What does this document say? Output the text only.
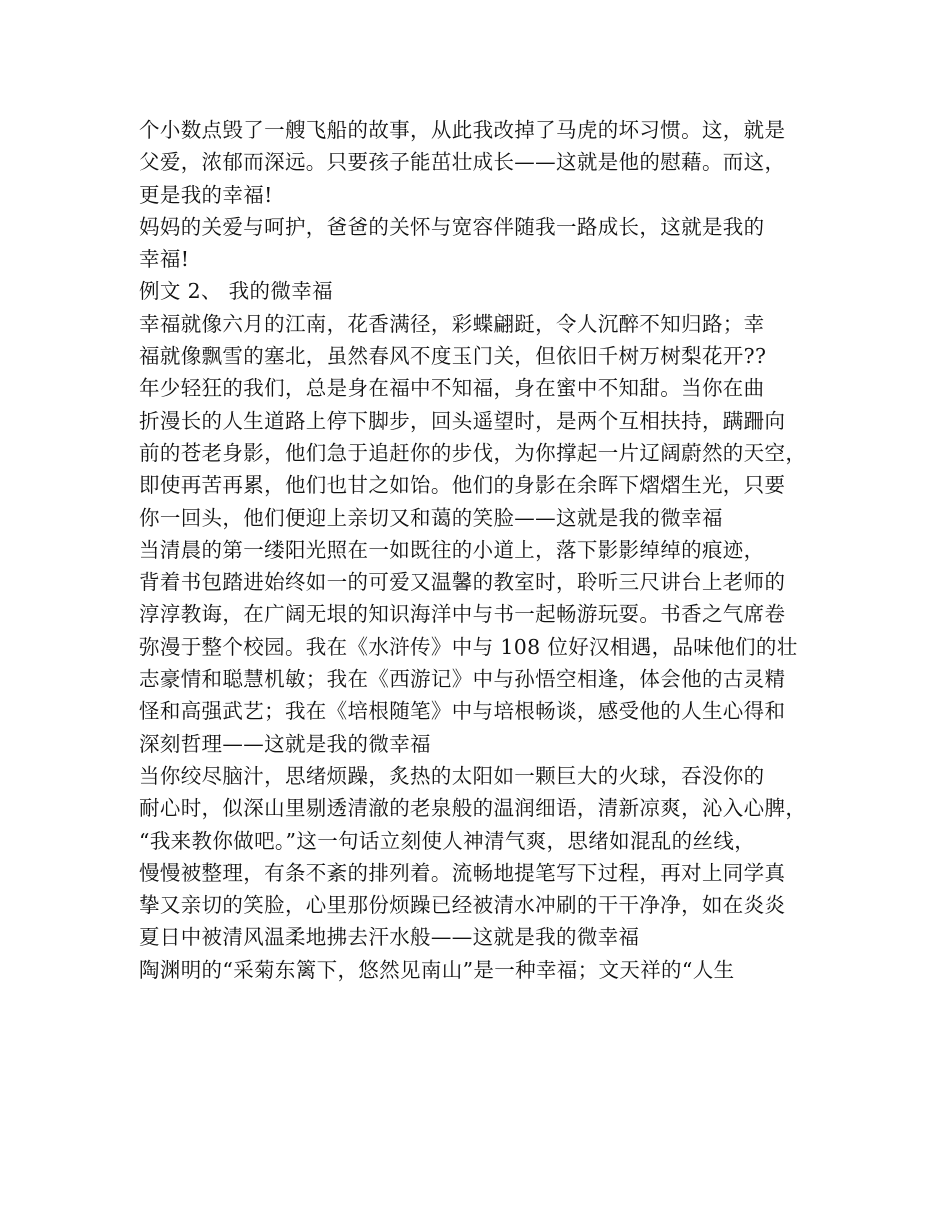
个小数点毁了一艘飞船的故事，从此我改掉了马虎的坏习惯。这，就是
父爱，浓郁而深远。只要孩子能茁壮成长——这就是他的慰藉。而这，
更是我的幸福!
妈妈的关爱与呵护，爸爸的关怀与宽容伴随我一路成长，这就是我的
幸福!
例文 2、 我的微幸福
幸福就像六月的江南，花香满径，彩蝶翩跹，令人沉醉不知归路；幸
福就像飘雪的塞北，虽然春风不度玉门关，但依旧千树万树梨花开??
年少轻狂的我们，总是身在福中不知福，身在蜜中不知甜。当你在曲
折漫长的人生道路上停下脚步，回头遥望时，是两个互相扶持，蹒跚向
前的苍老身影，他们急于追赶你的步伐，为你撑起一片辽阔蔚然的天空，
即使再苦再累，他们也甘之如饴。他们的身影在余晖下熠熠生光，只要
你一回头，他们便迎上亲切又和蔼的笑脸——这就是我的微幸福
当清晨的第一缕阳光照在一如既往的小道上，落下影影绰绰的痕迹，
背着书包踏进始终如一的可爱又温馨的教室时，聆听三尺讲台上老师的
淳淳教诲，在广阔无垠的知识海洋中与书一起畅游玩耍。书香之气席卷
弥漫于整个校园。我在《水浒传》中与 108 位好汉相遇，品味他们的壮
志豪情和聪慧机敏；我在《西游记》中与孙悟空相逢，体会他的古灵精
怪和高强武艺；我在《培根随笔》中与培根畅谈，感受他的人生心得和
深刻哲理——这就是我的微幸福
当你绞尽脑汁，思绪烦躁，炙热的太阳如一颗巨大的火球，吞没你的
耐心时，似深山里剔透清澈的老泉般的温润细语，清新凉爽，沁入心脾，
“我来教你做吧。”这一句话立刻使人神清气爽，思绪如混乱的丝线，
慢慢被整理，有条不紊的排列着。流畅地提笔写下过程，再对上同学真
挚又亲切的笑脸，心里那份烦躁已经被清水冲刷的干干净净，如在炎炎
夏日中被清风温柔地拂去汗水般——这就是我的微幸福
陶渊明的“采菊东篱下，悠然见南山”是一种幸福；文天祥的“人生
